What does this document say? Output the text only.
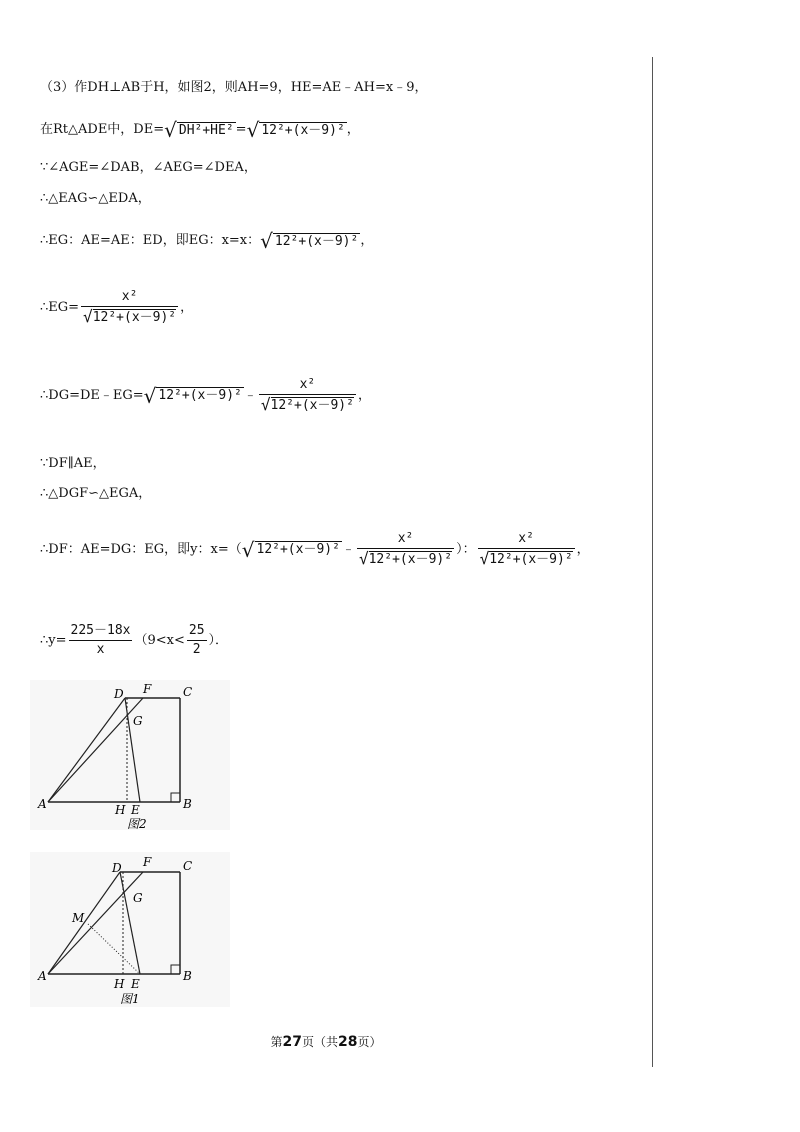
（3）作DH⊥AB于H，如图2，则AH=9，HE=AE﹣AH=x﹣9，
在Rt△ADE中，DE=√ DH²+HE² =√ 12²+(x－9)² ，
∵∠AGE=∠DAB，∠AEG=∠DEA，
∴△EAG∽△EDA，
∴EG：AE=AE：ED，即EG：x=x：√ 12²+(x－9)² ，
∴EG= $\frac{\text{x²}}{\text{√12²+(x－9)²}}$ ，
∴DG=DE﹣EG=√ 12²+(x－9)² ﹣ $\frac{\text{x²}}{\text{√12²+(x－9)²}}$ ，
∵DF∥AE，
∴△DGF∽△EGA，
∴DF：AE=DG：EG，即y：x=（√ 12²+(x－9)² ﹣ $\frac{\text{x²}}{\text{√12²+(x－9)²}}$ ）： $\frac{\text{x²}}{\text{√12²+(x－9)²}}$ ，
∴y= $\frac{225-18x}{x} (9<x< \frac{25}{2}$ ）．
D F	C
G
A	B
H E
图2
D F	C
G
M
A	B
H E
图1
第27页（共28页）
